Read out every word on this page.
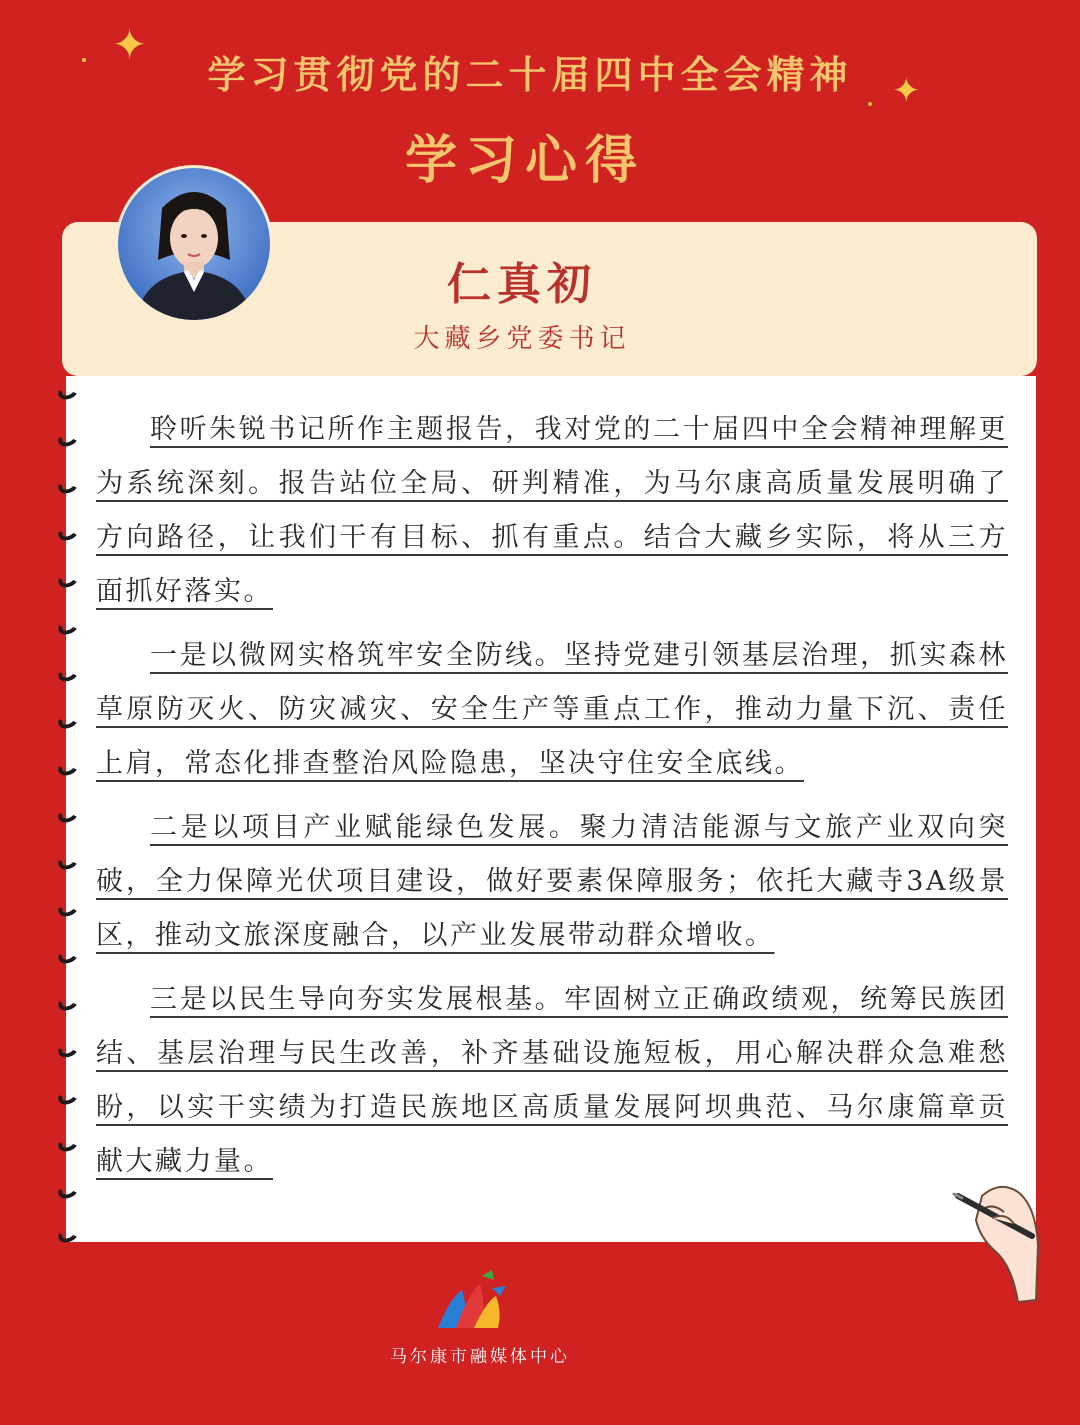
✦
✦
学习贯彻党的二十届四中全会精神
学习心得
仁真初
大藏乡党委书记

聆听朱锐书记所作主题报告，我对党的二十届四中全会精神理解更为系统深刻。报告站位全局、研判精准，为马尔康高质量发展明确了方向路径，让我们干有目标、抓有重点。结合大藏乡实际，将从三方面抓好落实。

一是以微网实格筑牢安全防线。坚持党建引领基层治理，抓实森林草原防灭火、防灾减灾、安全生产等重点工作，推动力量下沉、责任上肩，常态化排查整治风险隐患，坚决守住安全底线。

二是以项目产业赋能绿色发展。聚力清洁能源与文旅产业双向突破，全力保障光伏项目建设，做好要素保障服务；依托大藏寺3A级景区，推动文旅深度融合，以产业发展带动群众增收。

三是以民生导向夯实发展根基。牢固树立正确政绩观，统筹民族团结、基层治理与民生改善，补齐基础设施短板，用心解决群众急难愁盼，以实干实绩为打造民族地区高质量发展阿坝典范、马尔康篇章贡献大藏力量。

马尔康市融媒体中心
